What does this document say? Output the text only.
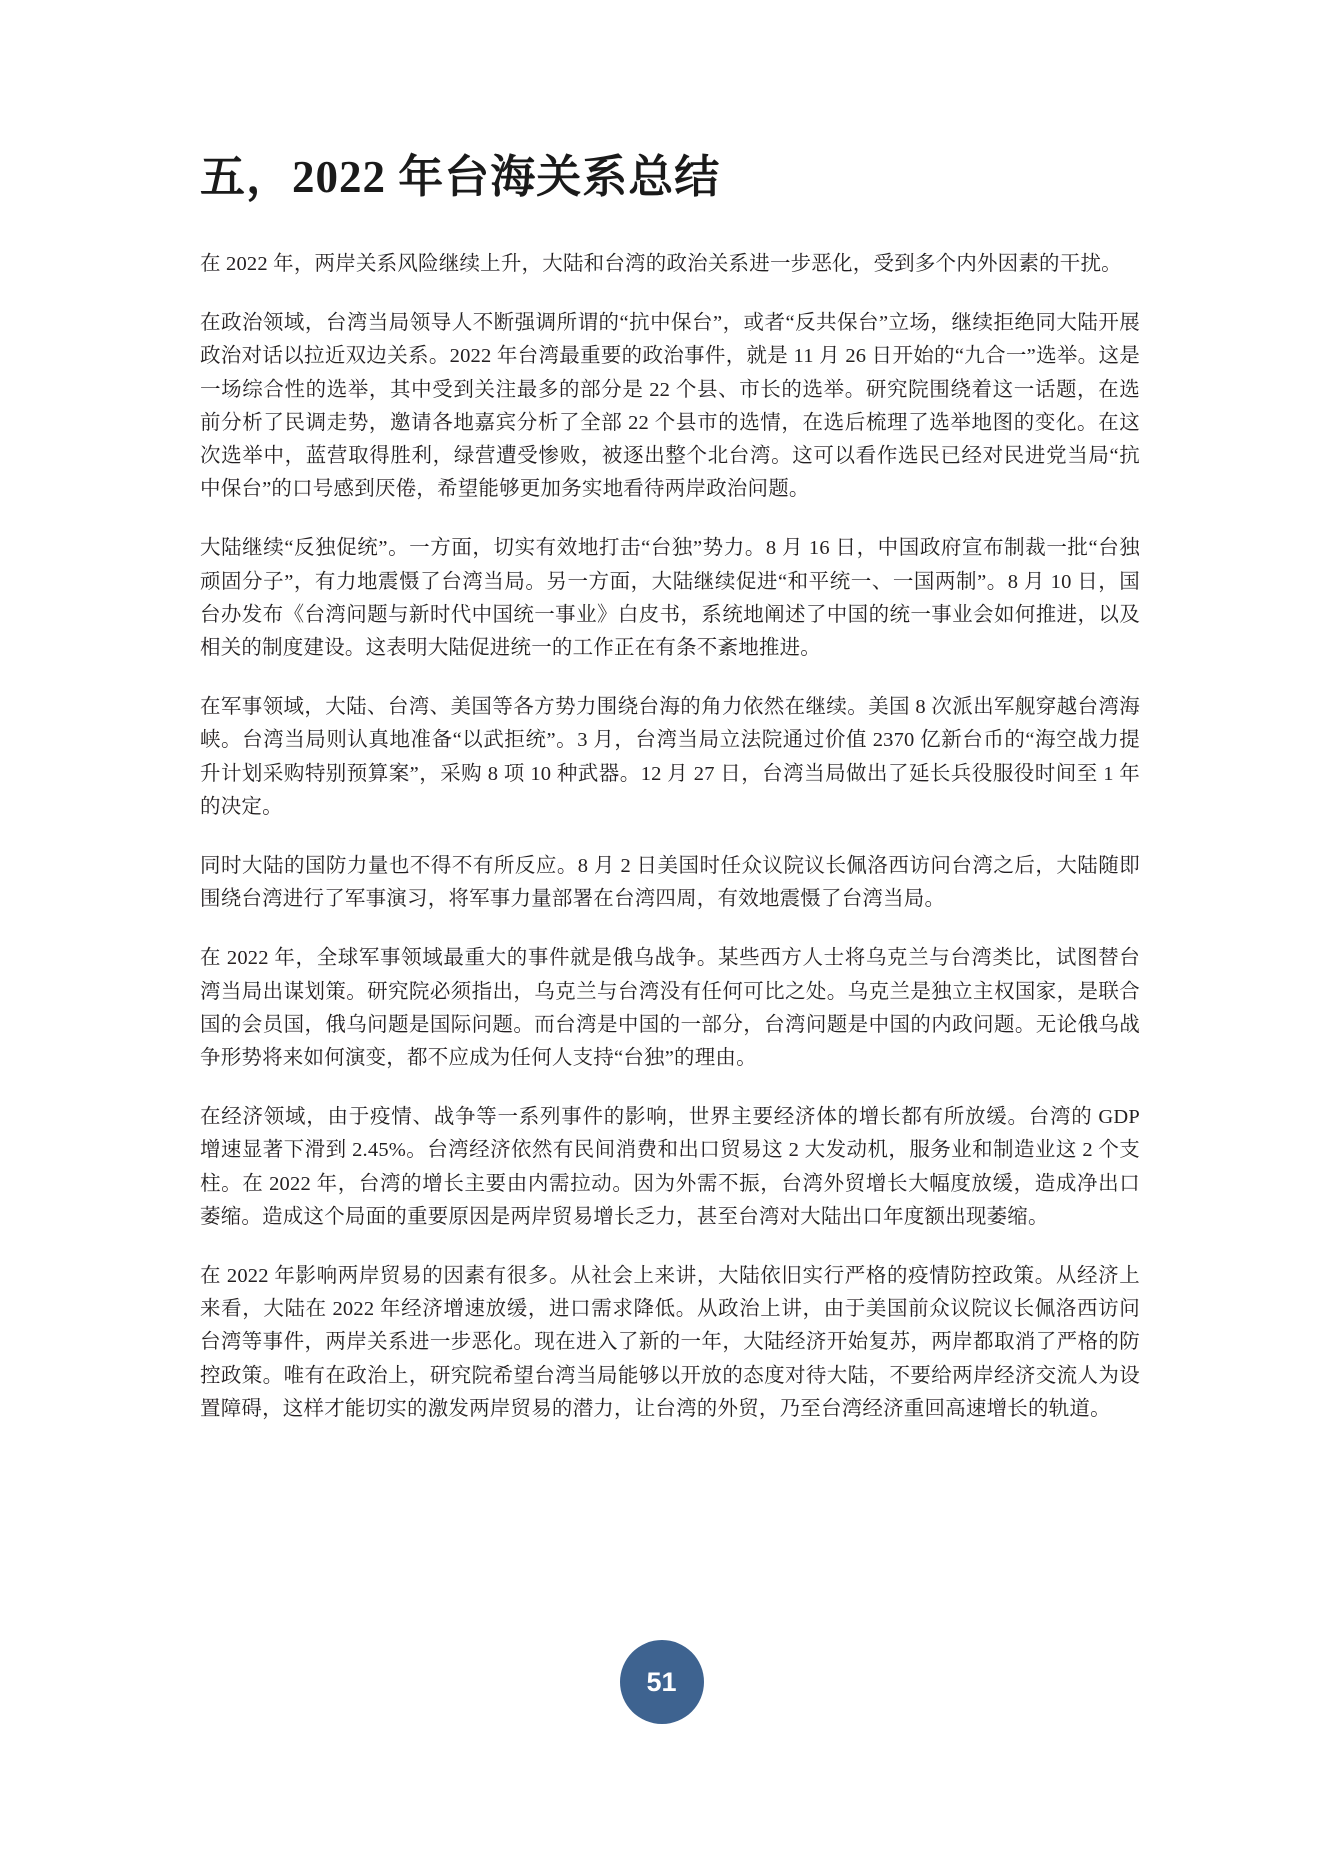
五，2022 年台海关系总结

在 2022 年，两岸关系风险继续上升，大陆和台湾的政治关系进一步恶化，受到多个内外因素的干扰。

在政治领域，台湾当局领导人不断强调所谓的“抗中保台”，或者“反共保台”立场，继续拒绝同大陆开展政治对话以拉近双边关系。2022 年台湾最重要的政治事件，就是 11 月 26 日开始的“九合一”选举。这是一场综合性的选举，其中受到关注最多的部分是 22 个县、市长的选举。研究院围绕着这一话题，在选前分析了民调走势，邀请各地嘉宾分析了全部 22 个县市的选情，在选后梳理了选举地图的变化。在这次选举中，蓝营取得胜利，绿营遭受惨败，被逐出整个北台湾。这可以看作选民已经对民进党当局“抗中保台”的口号感到厌倦，希望能够更加务实地看待两岸政治问题。

大陆继续“反独促统”。一方面，切实有效地打击“台独”势力。8 月 16 日，中国政府宣布制裁一批“台独顽固分子”，有力地震慑了台湾当局。另一方面，大陆继续促进“和平统一、一国两制”。8 月 10 日，国台办发布《台湾问题与新时代中国统一事业》白皮书，系统地阐述了中国的统一事业会如何推进，以及相关的制度建设。这表明大陆促进统一的工作正在有条不紊地推进。

在军事领域，大陆、台湾、美国等各方势力围绕台海的角力依然在继续。美国 8 次派出军舰穿越台湾海峡。台湾当局则认真地准备“以武拒统”。3 月，台湾当局立法院通过价值 2370 亿新台币的“海空战力提升计划采购特别预算案”，采购 8 项 10 种武器。12 月 27 日，台湾当局做出了延长兵役服役时间至 1 年的决定。

同时大陆的国防力量也不得不有所反应。8 月 2 日美国时任众议院议长佩洛西访问台湾之后，大陆随即围绕台湾进行了军事演习，将军事力量部署在台湾四周，有效地震慑了台湾当局。

在 2022 年，全球军事领域最重大的事件就是俄乌战争。某些西方人士将乌克兰与台湾类比，试图替台湾当局出谋划策。研究院必须指出，乌克兰与台湾没有任何可比之处。乌克兰是独立主权国家，是联合国的会员国，俄乌问题是国际问题。而台湾是中国的一部分，台湾问题是中国的内政问题。无论俄乌战争形势将来如何演变，都不应成为任何人支持“台独”的理由。

在经济领域，由于疫情、战争等一系列事件的影响，世界主要经济体的增长都有所放缓。台湾的 GDP 增速显著下滑到 2.45%。台湾经济依然有民间消费和出口贸易这 2 大发动机，服务业和制造业这 2 个支柱。在 2022 年，台湾的增长主要由内需拉动。因为外需不振，台湾外贸增长大幅度放缓，造成净出口萎缩。造成这个局面的重要原因是两岸贸易增长乏力，甚至台湾对大陆出口年度额出现萎缩。

在 2022 年影响两岸贸易的因素有很多。从社会上来讲，大陆依旧实行严格的疫情防控政策。从经济上来看，大陆在 2022 年经济增速放缓，进口需求降低。从政治上讲，由于美国前众议院议长佩洛西访问台湾等事件，两岸关系进一步恶化。现在进入了新的一年，大陆经济开始复苏，两岸都取消了严格的防控政策。唯有在政治上，研究院希望台湾当局能够以开放的态度对待大陆，不要给两岸经济交流人为设置障碍，这样才能切实的激发两岸贸易的潜力，让台湾的外贸，乃至台湾经济重回高速增长的轨道。

51
